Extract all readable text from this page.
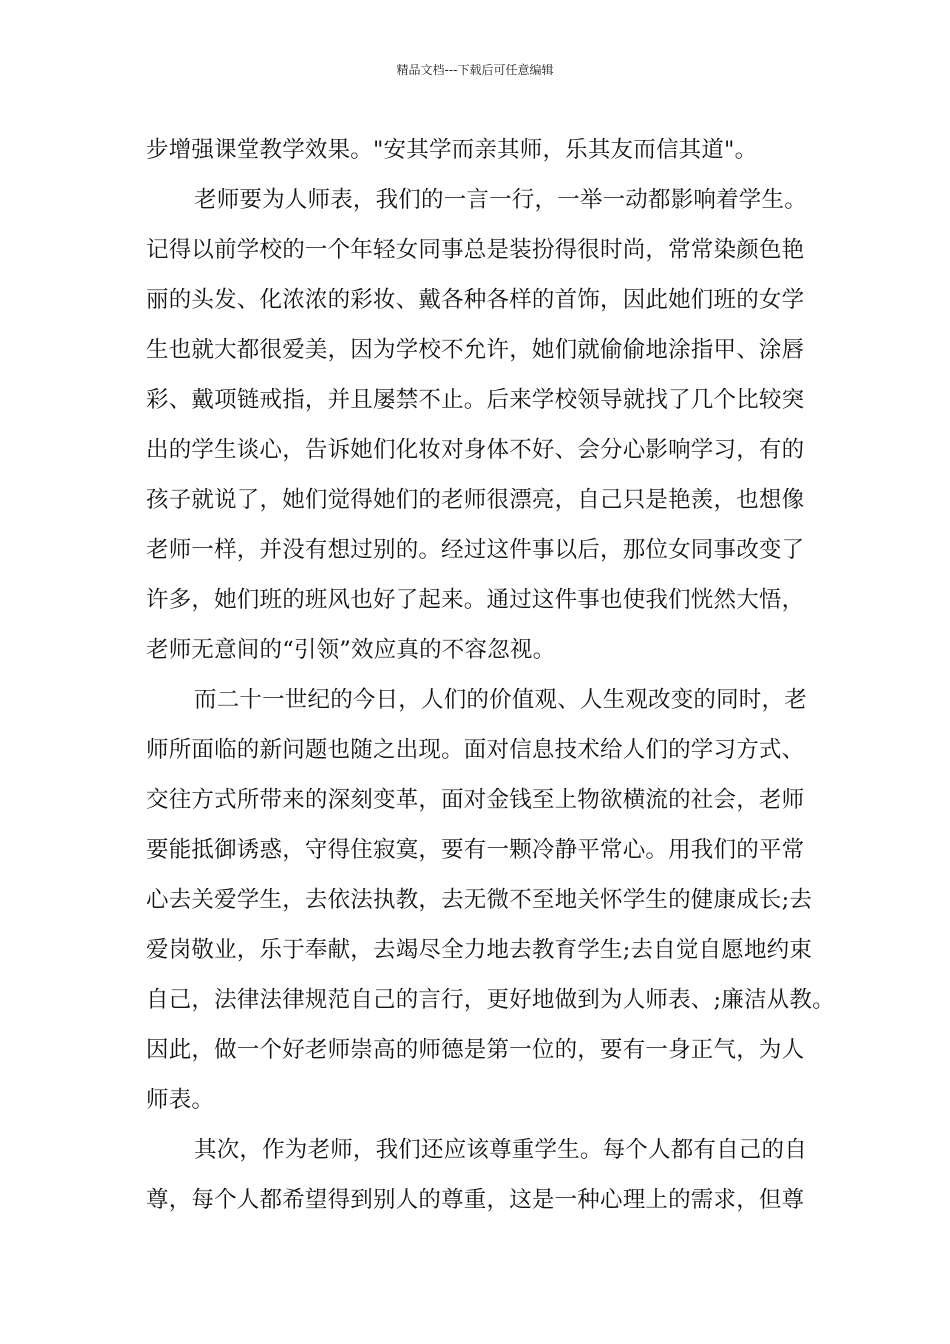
精品文档---下载后可任意编辑
步增强课堂教学效果。"安其学而亲其师，乐其友而信其道"。
老师要为人师表，我们的一言一行，一举一动都影响着学生。
记得以前学校的一个年轻女同事总是装扮得很时尚，常常染颜色艳
丽的头发、化浓浓的彩妆、戴各种各样的首饰，因此她们班的女学
生也就大都很爱美，因为学校不允许，她们就偷偷地涂指甲、涂唇
彩、戴项链戒指，并且屡禁不止。后来学校领导就找了几个比较突
出的学生谈心，告诉她们化妆对身体不好、会分心影响学习，有的
孩子就说了，她们觉得她们的老师很漂亮，自己只是艳羡，也想像
老师一样，并没有想过别的。经过这件事以后，那位女同事改变了
许多，她们班的班风也好了起来。通过这件事也使我们恍然大悟，
老师无意间的“引领”效应真的不容忽视。
而二十一世纪的今日，人们的价值观、人生观改变的同时，老
师所面临的新问题也随之出现。面对信息技术给人们的学习方式、
交往方式所带来的深刻变革，面对金钱至上物欲横流的社会，老师
要能抵御诱惑，守得住寂寞，要有一颗冷静平常心。用我们的平常
心去关爱学生，去依法执教，去无微不至地关怀学生的健康成长;去
爱岗敬业，乐于奉献，去竭尽全力地去教育学生;去自觉自愿地约束
自己，法律法律规范自己的言行，更好地做到为人师表、;廉洁从教。
因此，做一个好老师崇高的师德是第一位的，要有一身正气，为人
师表。
其次，作为老师，我们还应该尊重学生。每个人都有自己的自
尊，每个人都希望得到别人的尊重，这是一种心理上的需求，但尊
